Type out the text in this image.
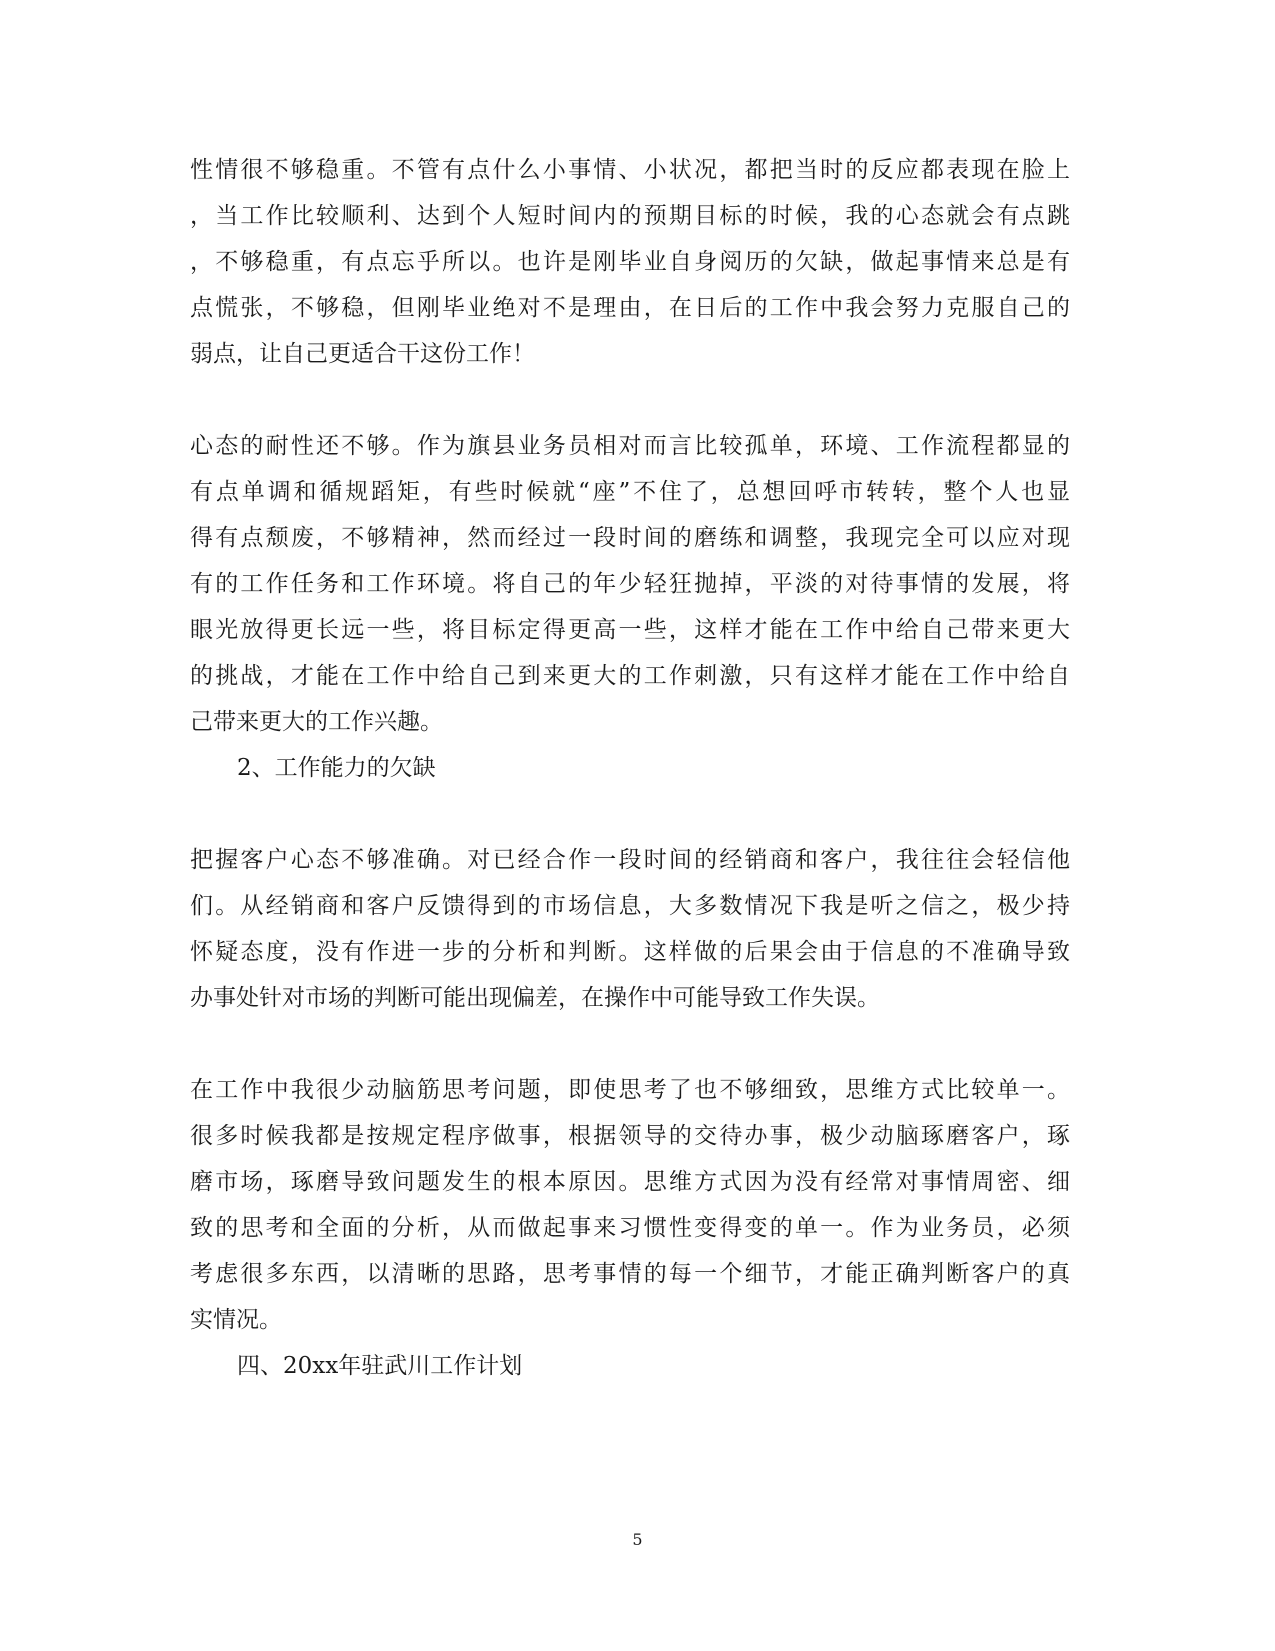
性情很不够稳重。不管有点什么小事情、小状况，都把当时的反应都表现在脸上
，当工作比较顺利、达到个人短时间内的预期目标的时候，我的心态就会有点跳
，不够稳重，有点忘乎所以。也许是刚毕业自身阅历的欠缺，做起事情来总是有
点慌张，不够稳，但刚毕业绝对不是理由，在日后的工作中我会努力克服自己的
弱点，让自己更适合干这份工作！
心态的耐性还不够。作为旗县业务员相对而言比较孤单，环境、工作流程都显的
有点单调和循规蹈矩，有些时候就“座”不住了，总想回呼市转转，整个人也显
得有点颓废，不够精神，然而经过一段时间的磨练和调整，我现完全可以应对现
有的工作任务和工作环境。将自己的年少轻狂抛掉，平淡的对待事情的发展，将
眼光放得更长远一些，将目标定得更高一些，这样才能在工作中给自己带来更大
的挑战，才能在工作中给自己到来更大的工作刺激，只有这样才能在工作中给自
己带来更大的工作兴趣。
2、工作能力的欠缺
把握客户心态不够准确。对已经合作一段时间的经销商和客户，我往往会轻信他
们。从经销商和客户反馈得到的市场信息，大多数情况下我是听之信之，极少持
怀疑态度，没有作进一步的分析和判断。这样做的后果会由于信息的不准确导致
办事处针对市场的判断可能出现偏差，在操作中可能导致工作失误。
在工作中我很少动脑筋思考问题，即使思考了也不够细致，思维方式比较单一。
很多时候我都是按规定程序做事，根据领导的交待办事，极少动脑琢磨客户，琢
磨市场，琢磨导致问题发生的根本原因。思维方式因为没有经常对事情周密、细
致的思考和全面的分析，从而做起事来习惯性变得变的单一。作为业务员，必须
考虑很多东西，以清晰的思路，思考事情的每一个细节，才能正确判断客户的真
实情况。
四、20xx年驻武川工作计划
5
